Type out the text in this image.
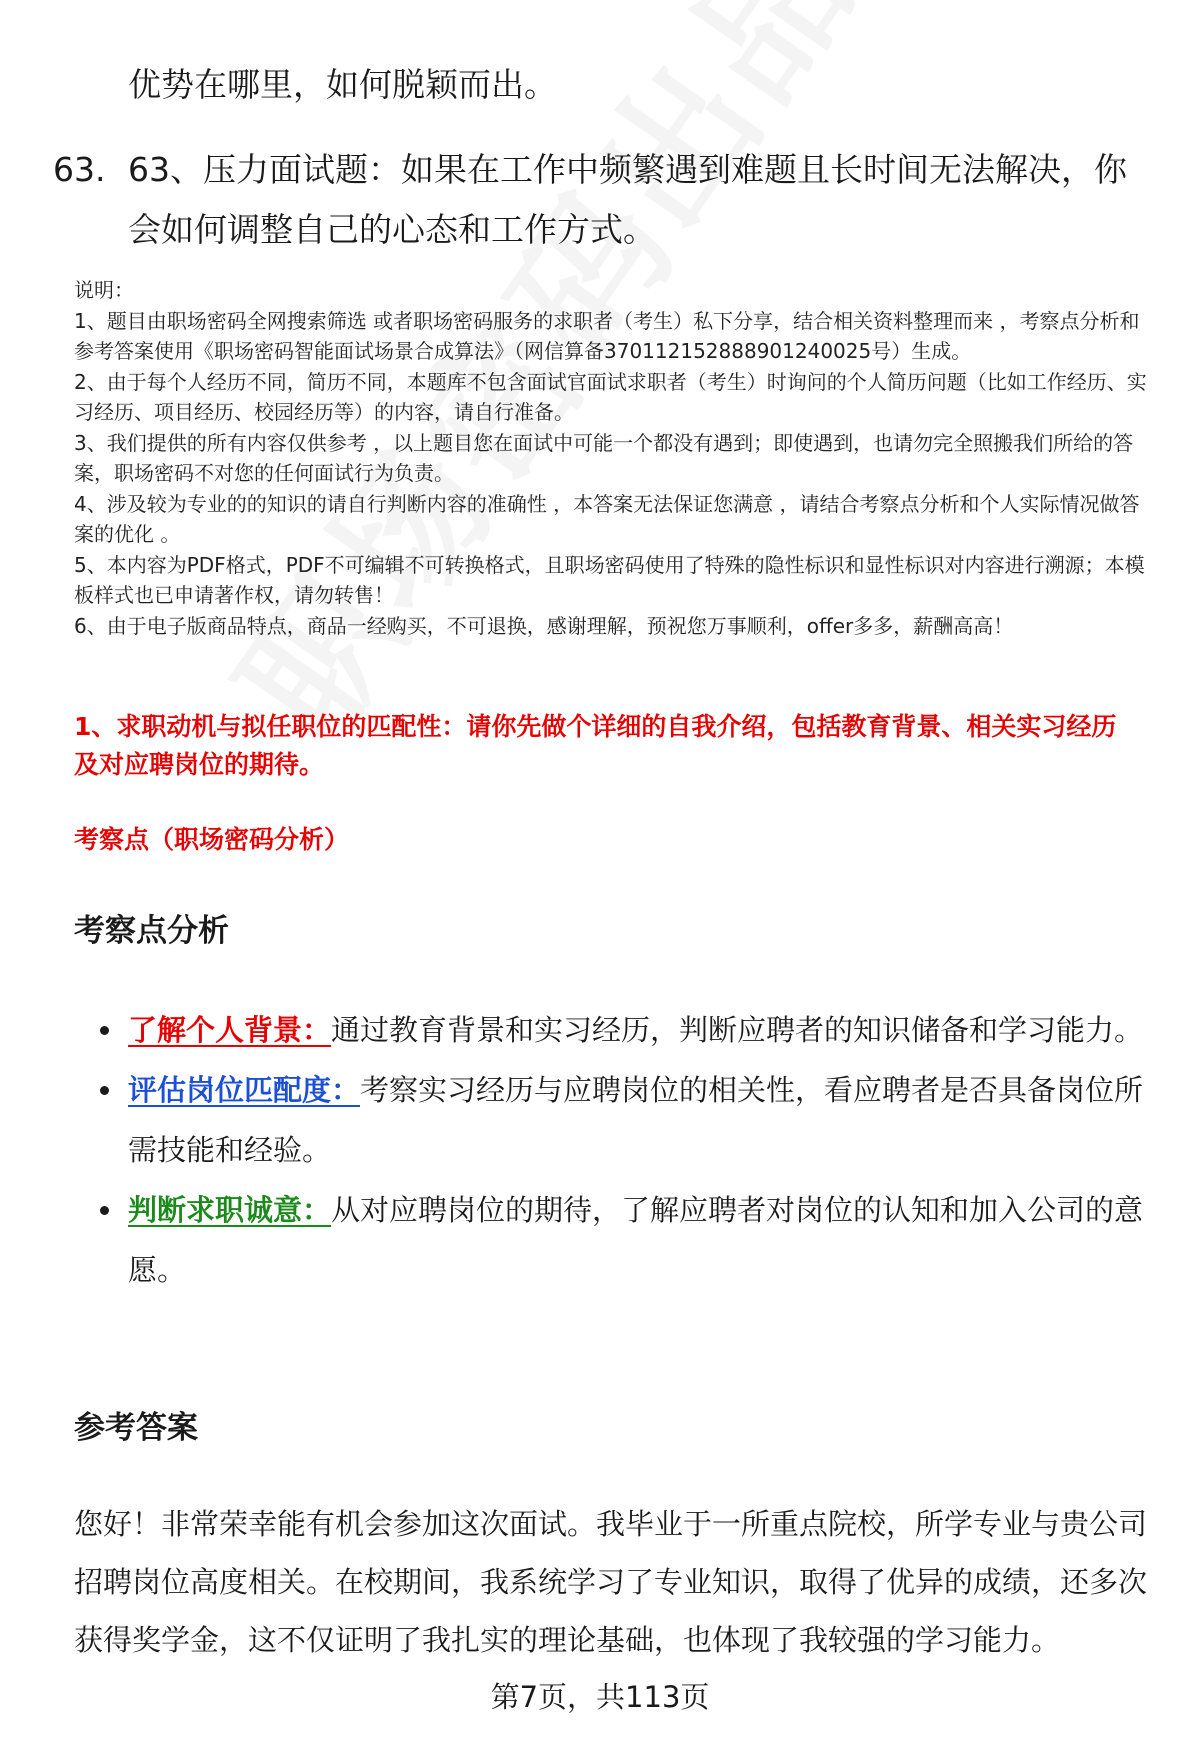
优势在哪里，如何脱颖而出。
63. 63、压力面试题：如果在工作中频繁遇到难题且长时间无法解决，你会如何调整自己的心态和工作方式。
说明：
1、题目由职场密码全网搜索筛选 或者职场密码服务的求职者（考生）私下分享，结合相关资料整理而来 ，考察点分析和参考答案使用《职场密码智能面试场景合成算法》（网信算备370112152888901240025号）生成。
2、由于每个人经历不同，简历不同，本题库不包含面试官面试求职者（考生）时询问的个人简历问题（比如工作经历、实习经历、项目经历、校园经历等）的内容，请自行准备。
3、我们提供的所有内容仅供参考 ，以上题目您在面试中可能一个都没有遇到；即使遇到，也请勿完全照搬我们所给的答案，职场密码不对您的任何面试行为负责。
4、涉及较为专业的的知识的请自行判断内容的准确性 ，本答案无法保证您满意 ，请结合考察点分析和个人实际情况做答案的优化 。
5、本内容为PDF格式，PDF不可编辑不可转换格式，且职场密码使用了特殊的隐性标识和显性标识对内容进行溯源；本模板样式也已申请著作权，请勿转售！
6、由于电子版商品特点，商品一经购买，不可退换，感谢理解，预祝您万事顺利，offer多多，薪酬高高！
1、求职动机与拟任职位的匹配性：请你先做个详细的自我介绍，包括教育背景、相关实习经历及对应聘岗位的期待。
考察点（职场密码分析）
考察点分析
了解个人背景：通过教育背景和实习经历，判断应聘者的知识储备和学习能力。
评估岗位匹配度：考察实习经历与应聘岗位的相关性，看应聘者是否具备岗位所需技能和经验。
判断求职诚意：从对应聘岗位的期待，了解应聘者对岗位的认知和加入公司的意愿。
参考答案
您好！非常荣幸能有机会参加这次面试。我毕业于一所重点院校，所学专业与贵公司招聘岗位高度相关。在校期间，我系统学习了专业知识，取得了优异的成绩，还多次获得奖学金，这不仅证明了我扎实的理论基础，也体现了我较强的学习能力。
第7页，共113页
